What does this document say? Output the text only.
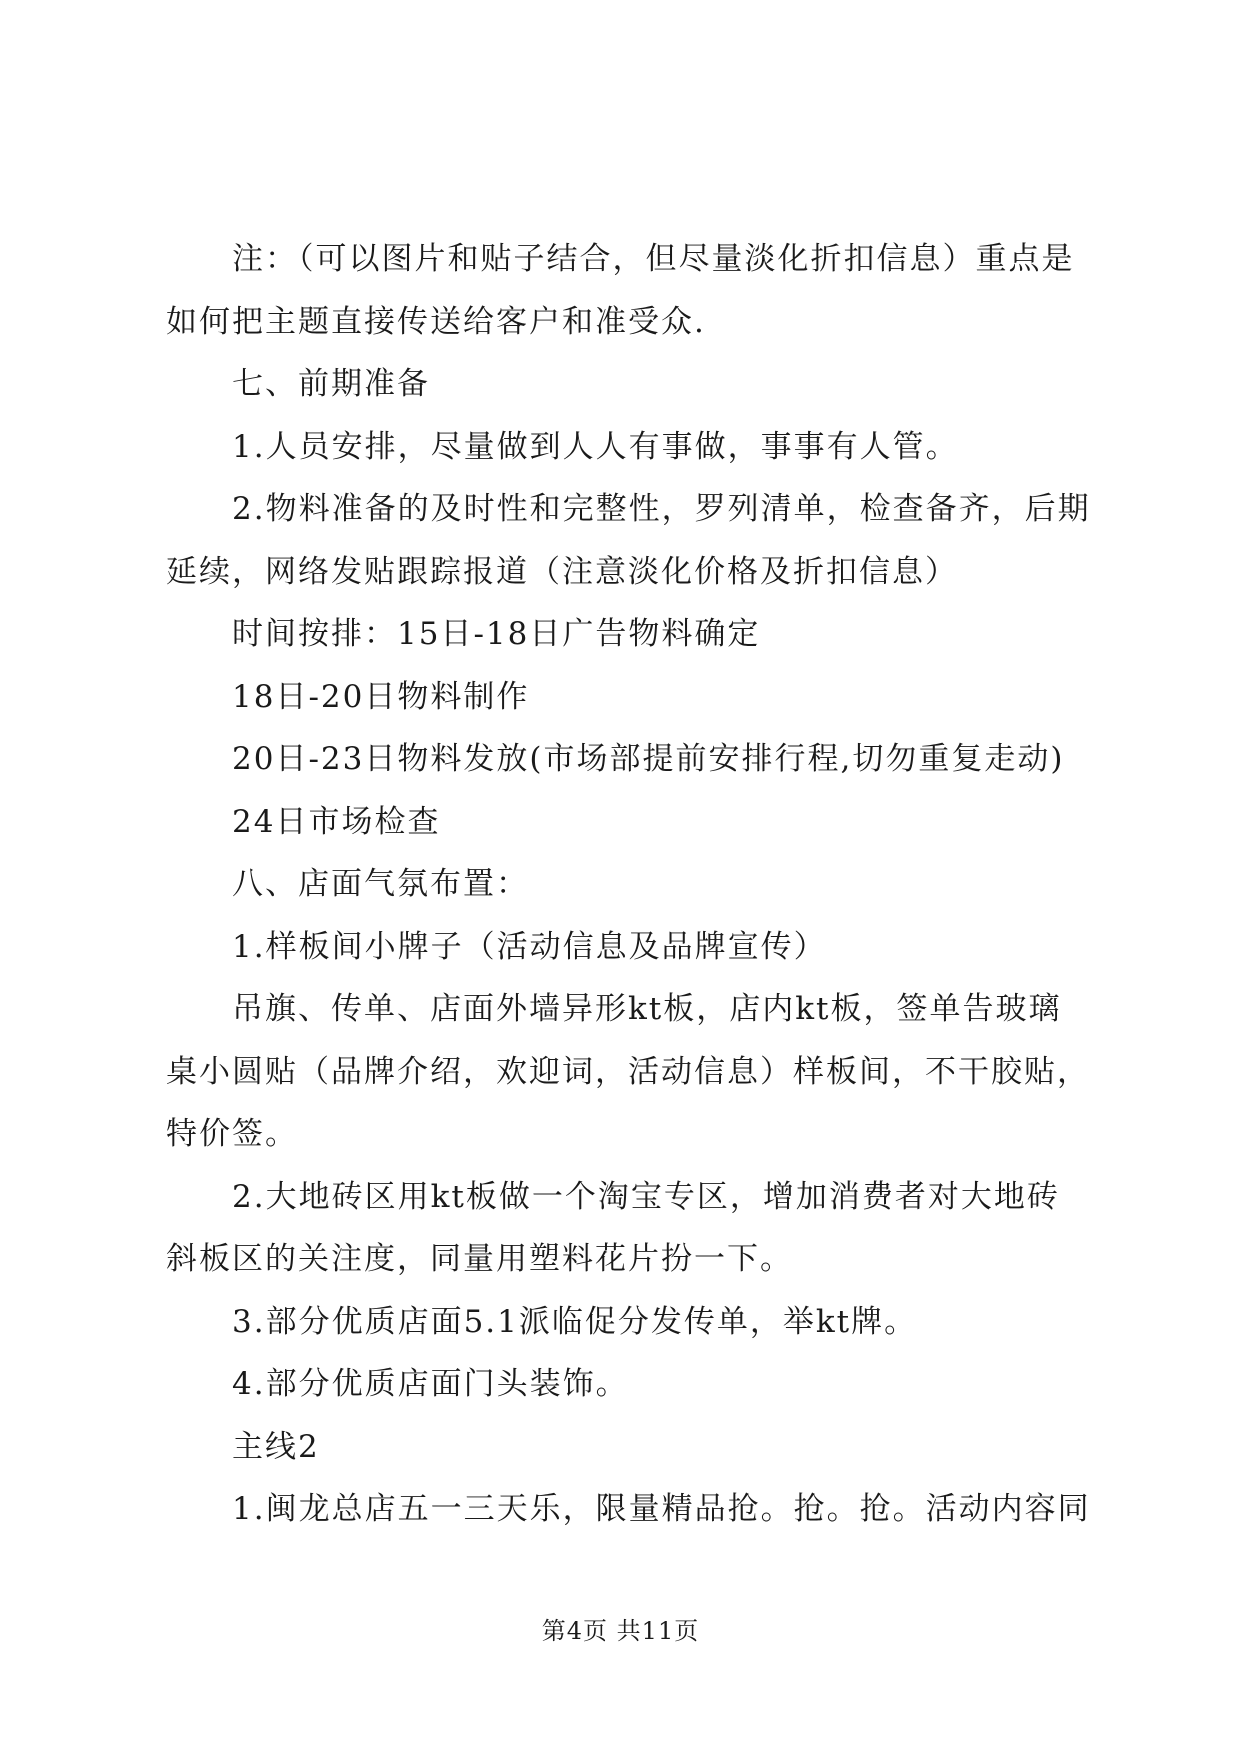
注：（可以图片和贴子结合，但尽量淡化折扣信息）重点是
如何把主题直接传送给客户和准受众.
七、前期准备
1.人员安排，尽量做到人人有事做，事事有人管。
2.物料准备的及时性和完整性，罗列清单，检查备齐，后期
延续，网络发贴跟踪报道（注意淡化价格及折扣信息）
时间按排：15日-18日广告物料确定
18日-20日物料制作
20日-23日物料发放(市场部提前安排行程,切勿重复走动)
24日市场检查
八、店面气氛布置：
1.样板间小牌子（活动信息及品牌宣传）
吊旗、传单、店面外墙异形kt板，店内kt板，签单告玻璃
桌小圆贴（品牌介绍，欢迎词，活动信息）样板间，不干胶贴，
特价签。
2.大地砖区用kt板做一个淘宝专区，增加消费者对大地砖
斜板区的关注度，同量用塑料花片扮一下。
3.部分优质店面5.1派临促分发传单，举kt牌。
4.部分优质店面门头装饰。
主线2
1.闽龙总店五一三天乐，限量精品抢。抢。抢。活动内容同
第4页 共11页
